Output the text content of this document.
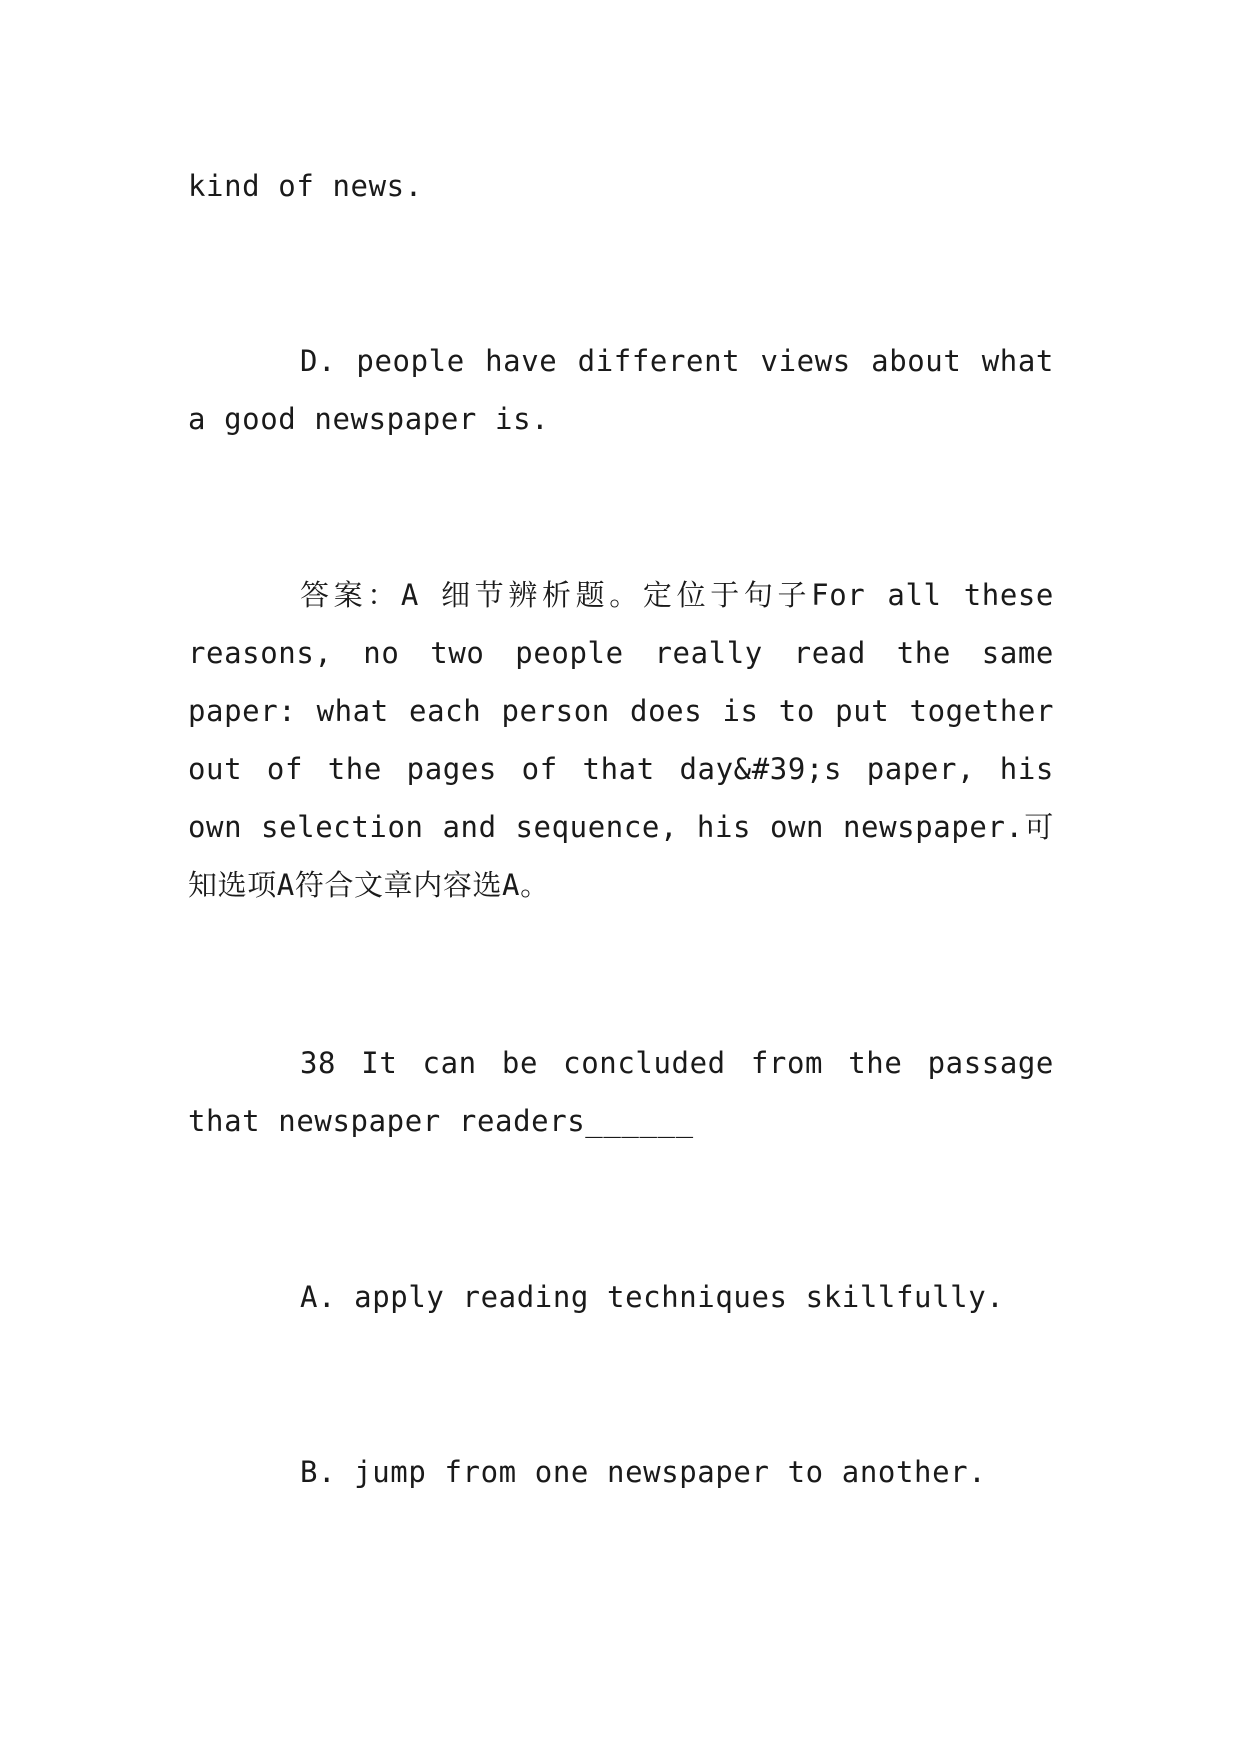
kind of news.

D. people have different views about what a good newspaper is.

答案：A 细节辨析题。定位于句子For all these reasons, no two people really read the same paper: what each person does is to put together out of the pages of that day&#39;s paper, his own selection and sequence, his own newspaper.可知选项A符合文章内容选A。

38 It can be concluded from the passage that newspaper readers______

A. apply reading techniques skillfully.

B. jump from one newspaper to another.
